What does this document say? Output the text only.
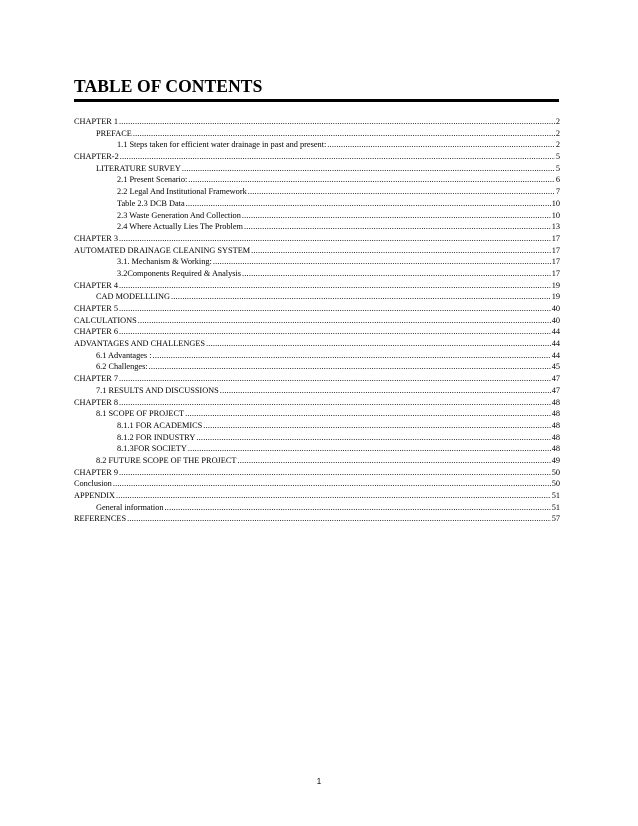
TABLE OF CONTENTS
CHAPTER 1 .....	2
PREFACE .....	2
1.1 Steps taken for efficient water drainage in past and present: .....	2
CHAPTER-2 .....	5
LITERATURE SURVEY .....	5
2.1 Present Scenario: .....	6
2.2 Legal And Institutional Framework .....	7
Table 2.3 DCB Data .....	10
2.3 Waste Generation And Collection .....	10
2.4 Where Actually Lies The Problem .....	13
CHAPTER 3 .....	17
AUTOMATED DRAINAGE CLEANING SYSTEM .....	17
3.1. Mechanism & Working: .....	17
3.2Components Required & Analysis .....	17
CHAPTER 4 .....	19
CAD MODELLLING .....	19
CHAPTER 5 .....	40
CALCULATIONS .....	40
CHAPTER 6 .....	44
ADVANTAGES AND CHALLENGES .....	44
6.1 Advantages : .....	44
6.2 Challenges: .....	45
CHAPTER 7 .....	47
7.1 RESULTS AND DISCUSSIONS .....	47
CHAPTER 8 .....	48
8.1 SCOPE OF PROJECT .....	48
8.1.1 FOR ACADEMICS .....	48
8.1.2 FOR INDUSTRY .....	48
8.1.3FOR SOCIETY .....	48
8.2 FUTURE SCOPE OF THE PROJECT .....	49
CHAPTER 9 .....	50
Conclusion .....	50
APPENDIX .....	51
General information .....	51
REFERENCES .....	57
1
